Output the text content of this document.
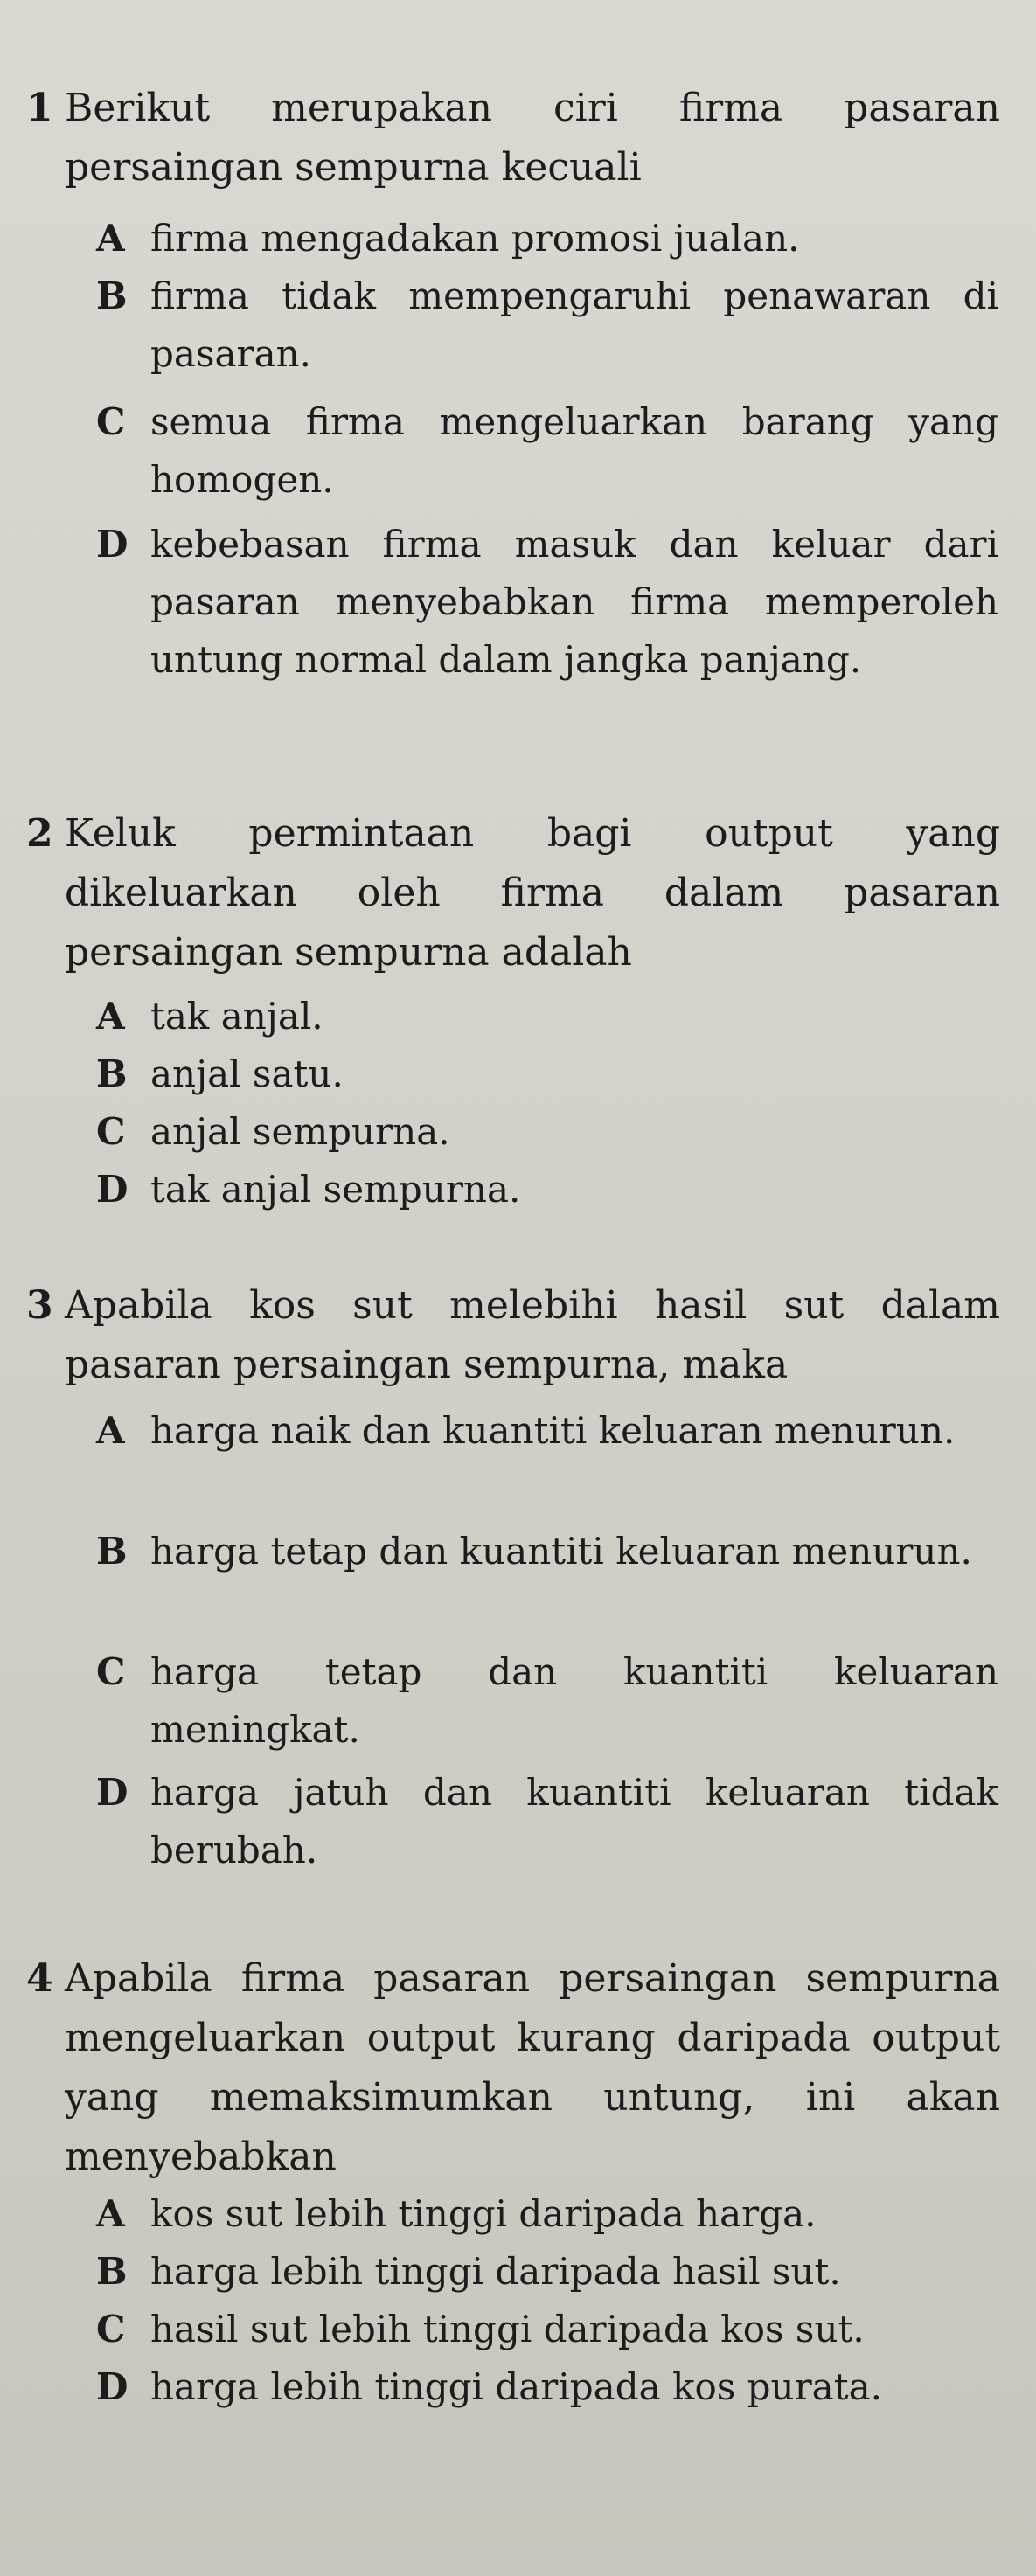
1 Berikut merupakan ciri firma pasaran persaingan sempurna kecuali
A firma mengadakan promosi jualan.
B firma tidak mempengaruhi penawaran di pasaran.
C semua firma mengeluarkan barang yang homogen.
D kebebasan firma masuk dan keluar dari pasaran menyebabkan firma memperoleh untung normal dalam jangka panjang.
2 Keluk permintaan bagi output yang dikeluarkan oleh firma dalam pasaran persaingan sempurna adalah
A tak anjal.
B anjal satu.
C anjal sempurna.
D tak anjal sempurna.
3 Apabila kos sut melebihi hasil sut dalam pasaran persaingan sempurna, maka
A harga naik dan kuantiti keluaran menurun.
B harga tetap dan kuantiti keluaran menurun.
C harga tetap dan kuantiti keluaran meningkat.
D harga jatuh dan kuantiti keluaran tidak berubah.
4 Apabila firma pasaran persaingan sempurna mengeluarkan output kurang daripada output yang memaksimumkan untung, ini akan menyebabkan
A kos sut lebih tinggi daripada harga.
B harga lebih tinggi daripada hasil sut.
C hasil sut lebih tinggi daripada kos sut.
D harga lebih tinggi daripada kos purata.
